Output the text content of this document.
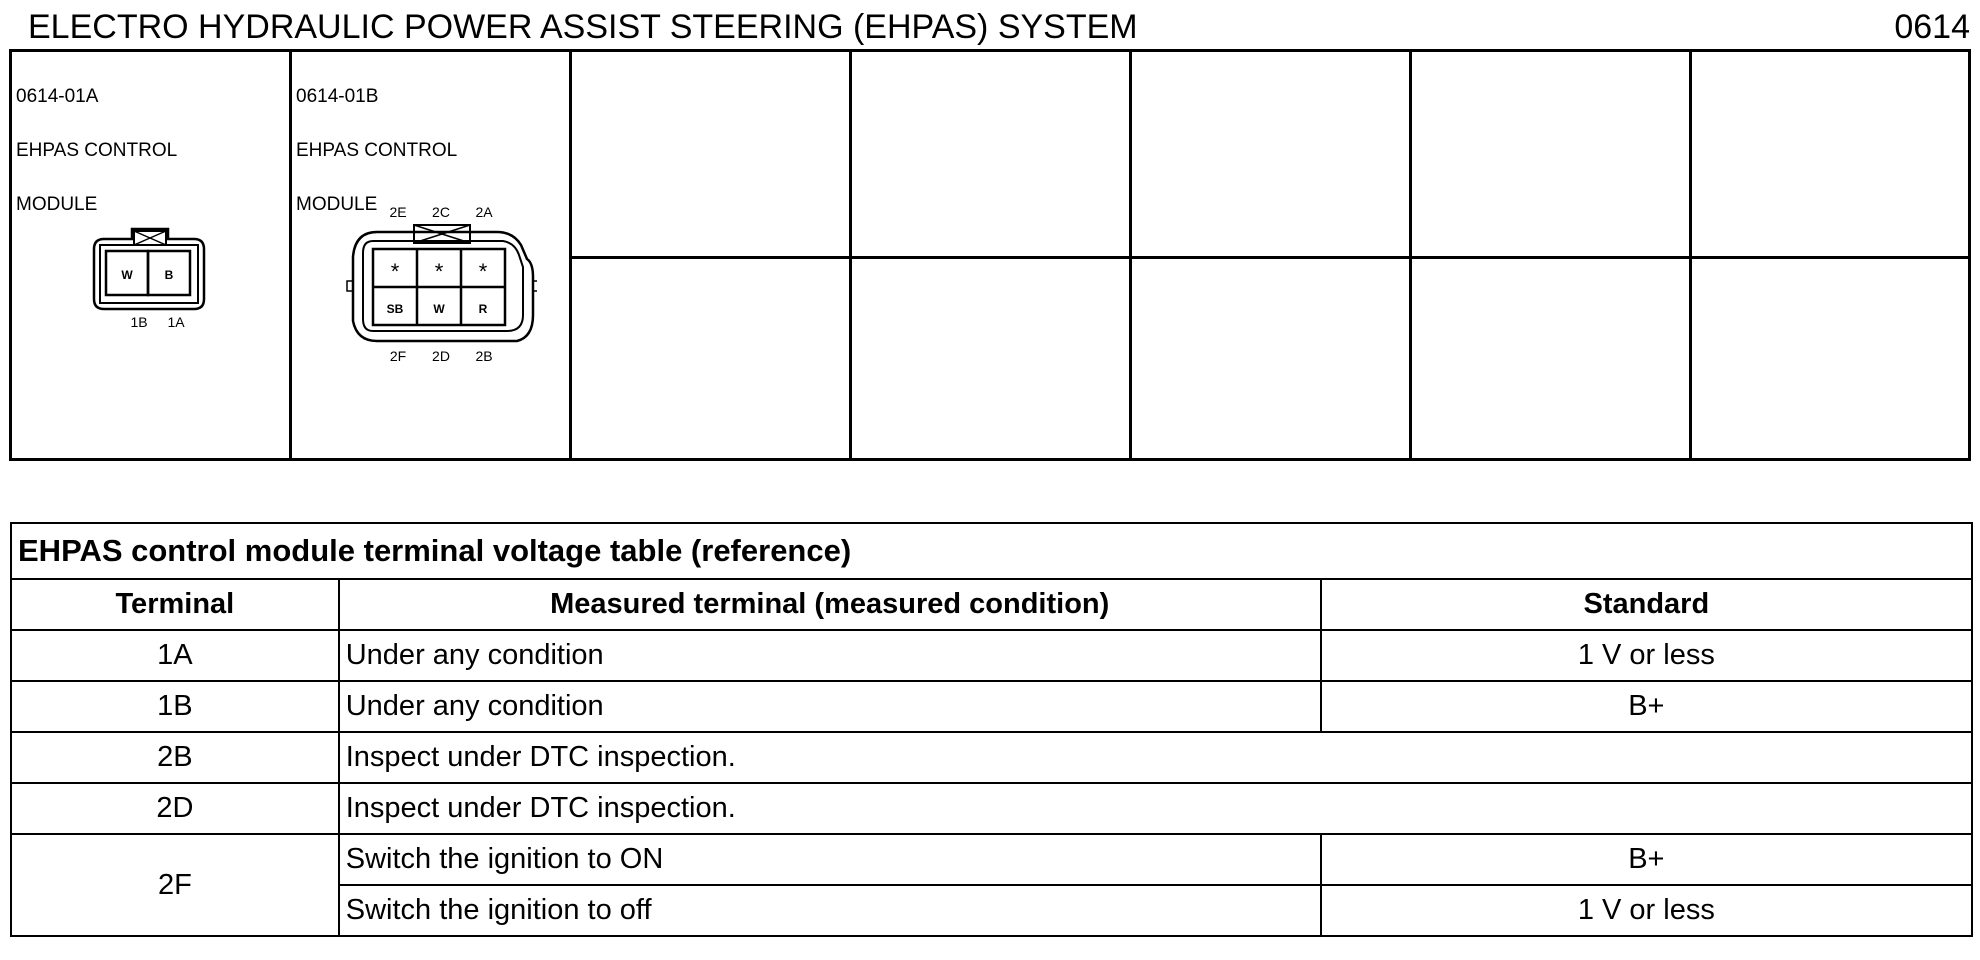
ELECTRO HYDRAULIC POWER ASSIST STEERING (EHPAS) SYSTEM	0614

0614-01A

EHPAS CONTROL

MODULE

W	B
1B 1A

0614-01B

EHPAS CONTROL

MODULE 2E 2C 2A
* * *
SB	W	R
2F 2D 2B
EHPAS control module terminal voltage table (reference)		
Terminal	Measured terminal (measured condition)	Standard
1A	Under any condition	1 V or less
1B	Under any condition	B+
2B	Inspect under DTC inspection.	
2D	Inspect under DTC inspection.	
2F	Switch the ignition to ON	B+
	Switch the ignition to off	1 V or less
